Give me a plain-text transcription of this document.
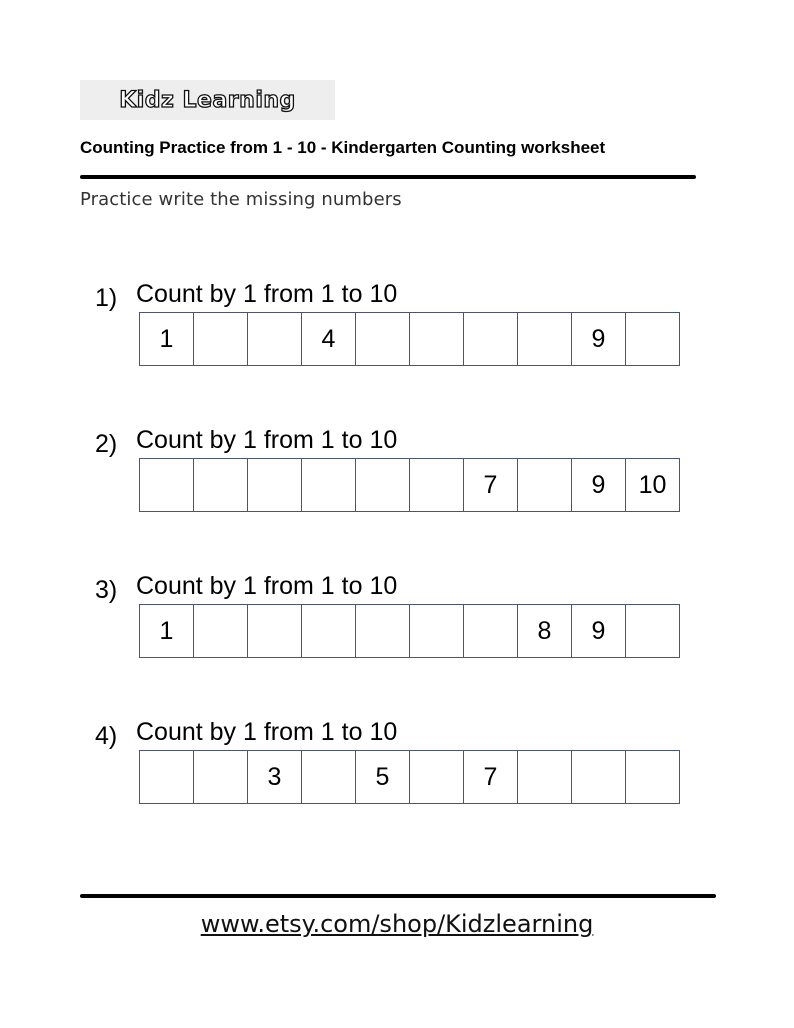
Kidz Learning
Counting Practice from 1 - 10 - Kindergarten Counting worksheet
Practice write the missing numbers
1) Count by 1 from 1 to 10
1	4	9
2) Count by 1 from 1 to 10
7	9	10
3) Count by 1 from 1 to 10
1	8	9
4) Count by 1 from 1 to 10
3	5	7
www.etsy.com/shop/Kidzlearning
